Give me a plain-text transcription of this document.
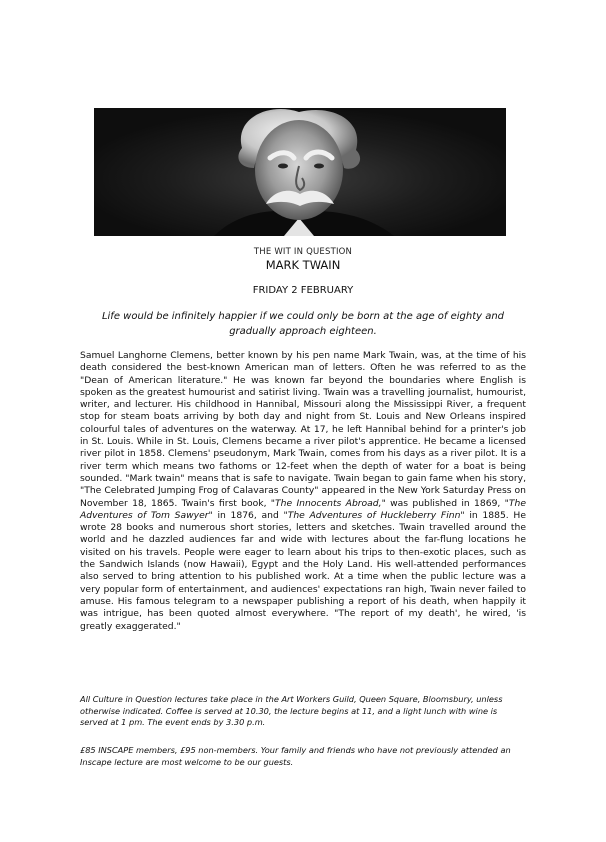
THE WIT IN QUESTION
MARK TWAIN
FRIDAY 2 FEBRUARY
Life would be infinitely happier if we could only be born at the age of eighty and gradually approach eighteen.

Samuel Langhorne Clemens, better known by his pen name Mark Twain, was, at the time of his death considered the best-known American man of letters. Often he was referred to as the "Dean of American literature." He was known far beyond the boundaries where English is spoken as the greatest humourist and satirist living. Twain was a travelling journalist, humourist, writer, and lecturer. His childhood in Hannibal, Missouri along the Mississippi River, a frequent stop for steam boats arriving by both day and night from St. Louis and New Orleans inspired colourful tales of adventures on the waterway. At 17, he left Hannibal behind for a printer's job in St. Louis. While in St. Louis, Clemens became a river pilot's apprentice. He became a licensed river pilot in 1858. Clemens' pseudonym, Mark Twain, comes from his days as a river pilot. It is a river term which means two fathoms or 12-feet when the depth of water for a boat is being sounded. "Mark twain" means that is safe to navigate. Twain began to gain fame when his story, "The Celebrated Jumping Frog of Calavaras County" appeared in the New York Saturday Press on November 18, 1865. Twain's first book, "The Innocents Abroad," was published in 1869, "The Adventures of Tom Sawyer" in 1876, and "The Adventures of Huckleberry Finn" in 1885. He wrote 28 books and numerous short stories, letters and sketches. Twain travelled around the world and he dazzled audiences far and wide with lectures about the far-flung locations he visited on his travels. People were eager to learn about his trips to then-exotic places, such as the Sandwich Islands (now Hawaii), Egypt and the Holy Land. His well-attended performances also served to bring attention to his published work. At a time when the public lecture was a very popular form of entertainment, and audiences' expectations ran high, Twain never failed to amuse. His famous telegram to a newspaper publishing a report of his death, when happily it was intrigue, has been quoted almost everywhere. "The report of my death', he wired, 'is greatly exaggerated."

All Culture in Question lectures take place in the Art Workers Guild, Queen Square, Bloomsbury, unless otherwise indicated. Coffee is served at 10.30, the lecture begins at 11, and a light lunch with wine is served at 1 pm. The event ends by 3.30 p.m.

£85 INSCAPE members, £95 non-members. Your family and friends who have not previously attended an Inscape lecture are most welcome to be our guests.
